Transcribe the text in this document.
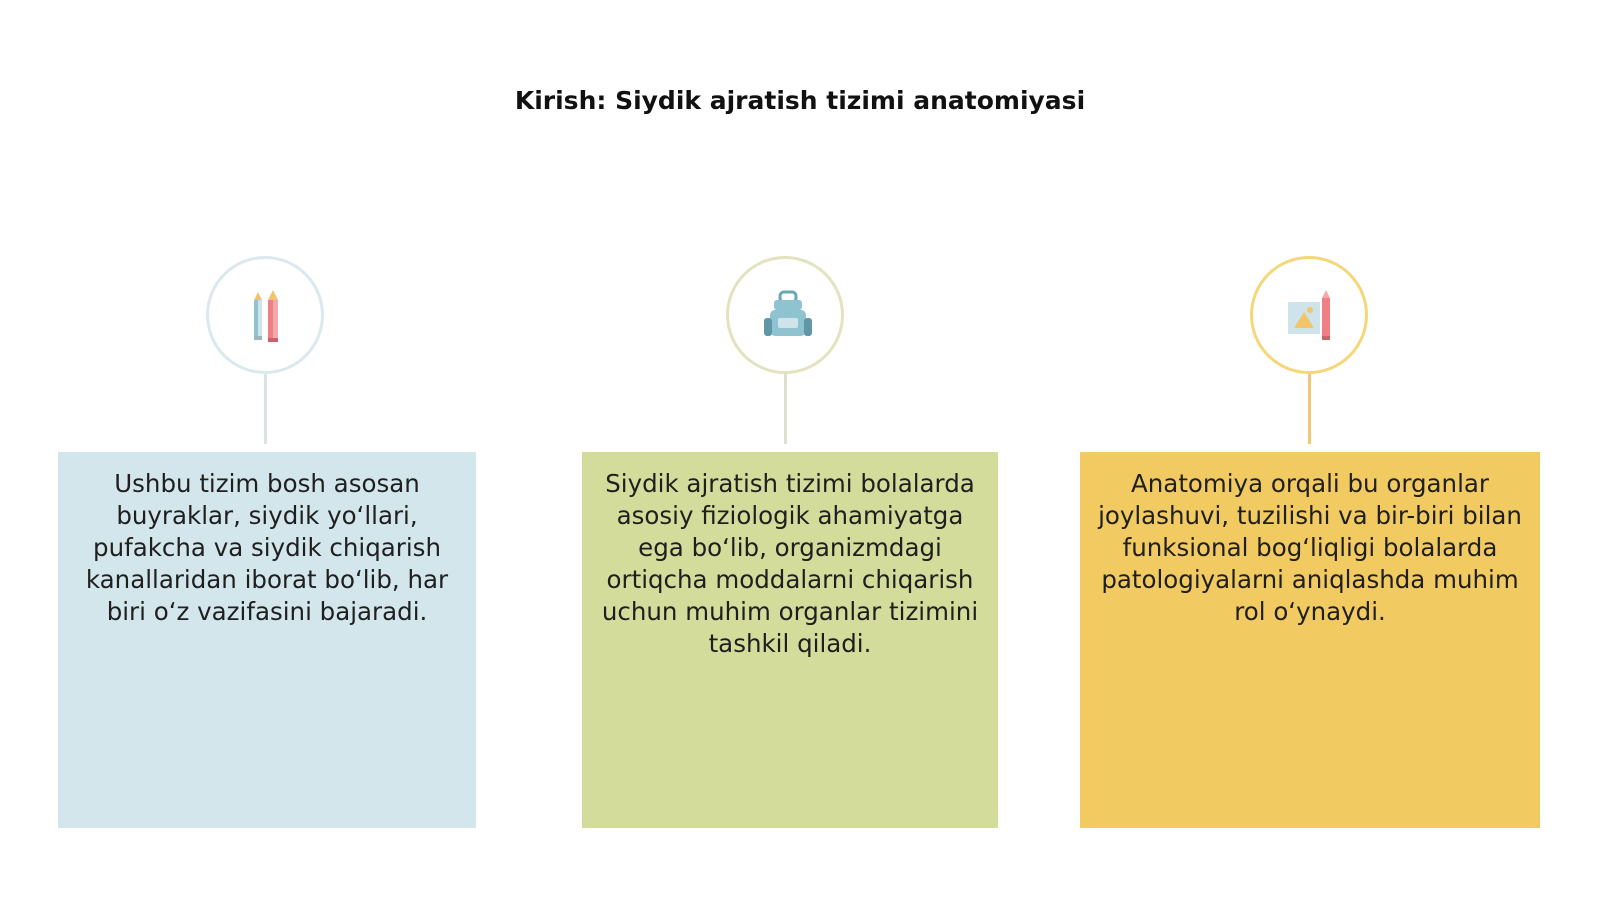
Kirish: Siydik ajratish tizimi anatomiyasi
Ushbu tizim bosh asosan buyraklar, siydik yo‘llari, pufakcha va siydik chiqarish kanallaridan iborat bo‘lib, har biri o‘z vazifasini bajaradi.
Siydik ajratish tizimi bolalarda asosiy fiziologik ahamiyatga ega bo‘lib, organizmdagi ortiqcha moddalarni chiqarish uchun muhim organlar tizimini tashkil qiladi.
Anatomiya orqali bu organlar joylashuvi, tuzilishi va bir-biri bilan funksional bog‘liqligi bolalarda patologiyalarni aniqlashda muhim rol o‘ynaydi.
